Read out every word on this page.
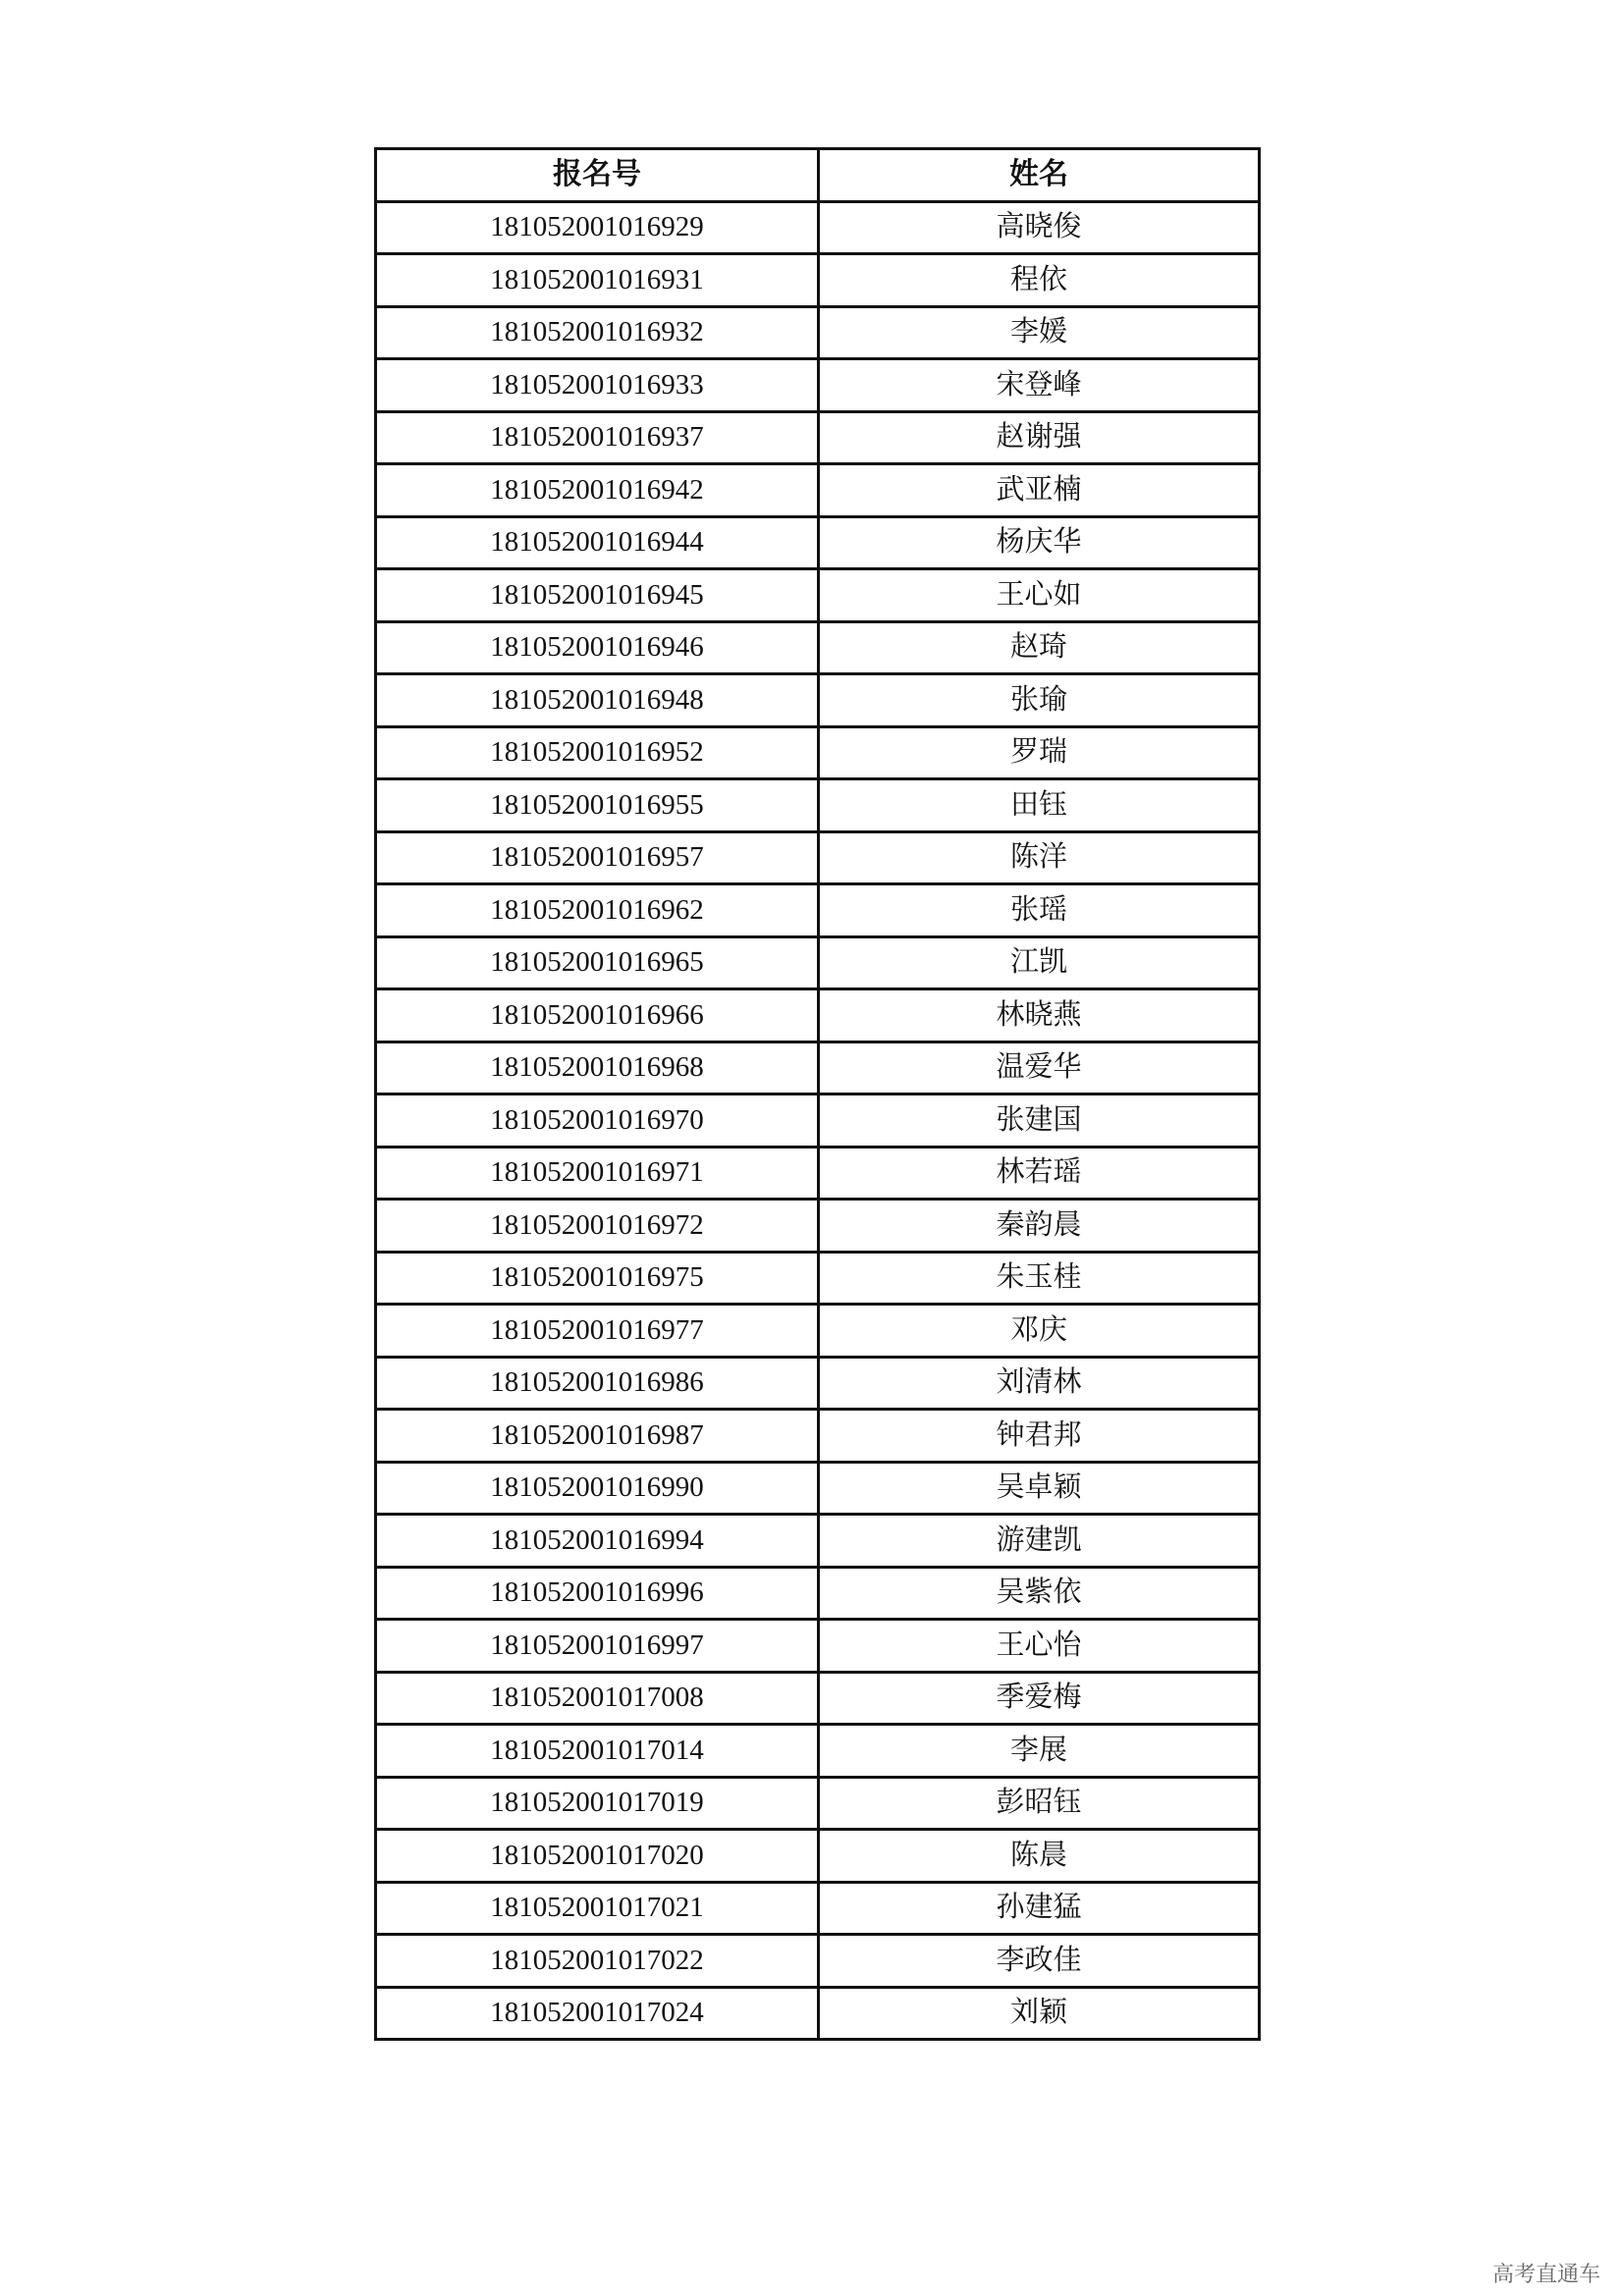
报名号	姓名
181052001016929	高晓俊
181052001016931	程依
181052001016932	李媛
181052001016933	宋登峰
181052001016937	赵谢强
181052001016942	武亚楠
181052001016944	杨庆华
181052001016945	王心如
181052001016946	赵琦
181052001016948	张瑜
181052001016952	罗瑞
181052001016955	田钰
181052001016957	陈洋
181052001016962	张瑶
181052001016965	江凯
181052001016966	林晓燕
181052001016968	温爱华
181052001016970	张建国
181052001016971	林若瑶
181052001016972	秦韵晨
181052001016975	朱玉桂
181052001016977	邓庆
181052001016986	刘清林
181052001016987	钟君邦
181052001016990	吴卓颖
181052001016994	游建凯
181052001016996	吴紫依
181052001016997	王心怡
181052001017008	季爱梅
181052001017014	李展
181052001017019	彭昭钰
181052001017020	陈晨
181052001017021	孙建猛
181052001017022	李政佳
181052001017024	刘颖
高考直通车
